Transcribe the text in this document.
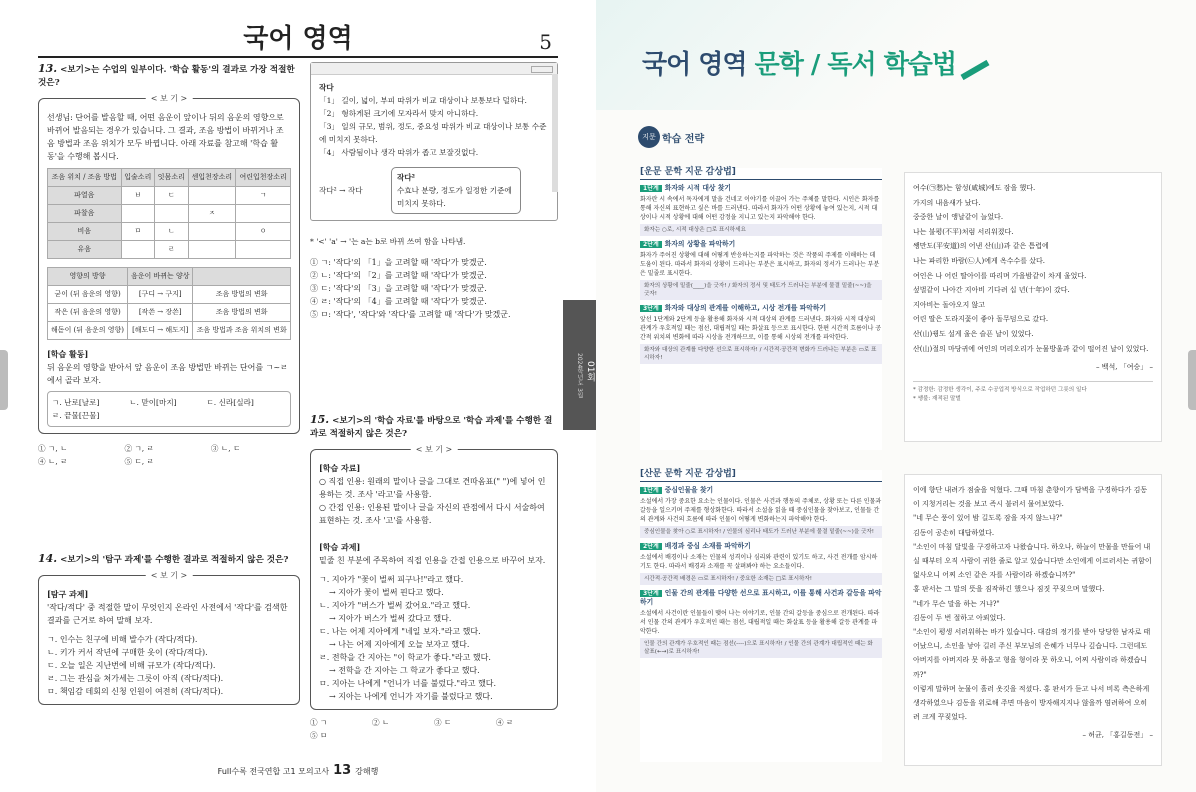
국어 영역	5
13. <보기>는 수업의 일부이다. '학습 활동'의 결과로 가장 적절한 것은?
< 보 기 >
선생님: 단어를 발음할 때, 어떤 음운이 앞이나 뒤의 음운의 영향으로 바뀌어 발음되는 경우가 있습니다. 그 결과, 조음 방법이 바뀌거나 조음 방법과 조음 위치가 모두 바뀝니다. 아래 자료를 참고해 '학습 활동'을 수행해 봅시다.
조음 위치 / 조음 방법	입술소리	잇몸소리	센입천장소리	여린입천장소리
파열음	ㅂ	ㄷ		ㄱ
파찰음			ㅈ	
비음	ㅁ	ㄴ		ㅇ
유음		ㄹ		
영향의 방향	음운이 바뀌는 양상	
굳이 (뒤 음운의 영향)	[구디 → 구지]	조음 방법의 변화
작은 (뒤 음운의 영향)	[작쓴 → 장쓴]	조음 방법의 변화
해돋이 (뒤 음운의 영향)	[해도디 → 해도지]	조음 방법과 조음 위치의 변화
[학습 활동]
뒤 음운의 영향을 받아서 앞 음운이 조음 방법만 바뀌는 단어를 ㄱ~ㄹ에서 골라 보자.
ㄱ. 난로[날로]	ㄴ. 맏이[마지]	ㄷ. 신라[실라]
ㄹ. 끝물[끈물]
① ㄱ, ㄴ	② ㄱ, ㄹ	③ ㄴ, ㄷ
④ ㄴ, ㄹ	⑤ ㄷ, ㄹ
14. <보기>의 '탐구 과제'를 수행한 결과로 적절하지 않은 것은?
< 보 기 >
[탐구 과제]
'작다/적다' 중 적절한 말이 무엇인지 온라인 사전에서 '작다'를 검색한 결과를 근거로 하여 말해 보자.
ㄱ. 인수는 친구에 비해 발수가 (작다/적다).
ㄴ. 키가 커서 작년에 구매한 옷이 (작다/적다).
ㄷ. 오늘 일은 지난번에 비해 규모가 (작다/적다).
ㄹ. 그는 관심을 쳐가세는 그릇이 아직 (작다/적다).
ㅁ. 책임감 데회의 신청 인원이 여전히 (작다/적다).
작다
「1」 길이, 넓이, 부피 따위가 비교 대상이나 보통보다 덜하다.
「2」 형하게된 크기에 모자라서 맞지 아니하다.
「3」 일의 규모, 범위, 정도, 중요성 따위가 비교 대상이나 보통 수준에 미치지 못하다.
「4」 사람됨이나 생각 따위가 좁고 보잘것없다.
작다² → 작다
작다²
수효나 분량, 정도가 일정한 기준에 미치지 못하다.
* '<' 'a' → '는 a는 b로 바뀌 쓰여 함을 나타냄.
① ㄱ: '작다'의 「1」을 고려할 때 '작다'가 맞겠군.
② ㄴ: '작다'의 「2」를 고려할 때 '작다'가 맞겠군.
③ ㄷ: '작다'의 「3」을 고려할 때 '작다'가 맞겠군.
④ ㄹ: '작다'의 「4」를 고려할 때 '작다'가 맞겠군.
⑤ ㅁ: '작다', '작다'와 '작다'를 고려할 때 '작다'가 맞겠군.
15. <보기>의 '학습 자료'를 바탕으로 '학습 과제'를 수행한 결과로 적절하지 않은 것은?
< 보 기 >
[학습 자료]
○ 직접 인용: 원래의 말이나 글을 그대로 견따옴표(" ")에 넣어 인용하는 것. 조사 '라고'를 사용함.
○ 간접 인용: 인용된 말이나 글을 자신의 관점에서 다시 서술하여 표현하는 것. 조사 '고'를 사용함.
[학습 과제]
밑줄 친 부분에 주목하여 직접 인용을 간접 인용으로 바꾸어 보자.
ㄱ. 지아가 "꽃이 벌써 피구나!"라고 했다.
→ 지아가 꽃이 벌써 핀다고 했다.
ㄴ. 지아가 "버스가 벌써 갔어요."라고 했다.
→ 지아가 버스가 벌써 갔다고 했다.
ㄷ. 나는 어제 지아에게 "네일 보자."라고 했다.
→ 나는 어제 지아에게 오늘 보자고 했다.
ㄹ. 전학을 간 지아는 "이 학교가 좋다."라고 했다.
→ 전학을 간 지아는 그 학교가 좋다고 했다.
ㅁ. 지아는 나에게 "언니가 너를 불렀다."라고 했다.
→ 지아는 나에게 언니가 자기를 불렀다고 했다.
① ㄱ	② ㄴ	③ ㄷ	④ ㄹ
⑤ ㅁ
Full수록 전국연합 고1 모의고사 13 강해행
01회
2024학년도 3월
국어 영역 문학 / 독서 학습법
지문 학습 전략
[운문 문학 지문 감상법]
1단계 화자와 시적 대상 찾기
화자란 시 속에서 독자에게 말을 건네고 이야기를 이끌어 가는 주체를 말한다. 시인은 화자를 통해 자신의 표현하고 싶은 바를 드러낸다. 따라서 화자가 어떤 상황에 놓여 있는지, 시적 대상이나 시적 상황에 대해 어떤 감정을 지니고 있는지 파악해야 한다.
화자는 ○로, 시적 대상은 □로 표시하세요
2단계 화자의 상황을 파악하기
화자가 주어진 상황에 대해 어떻게 반응하는지를 파악하는 것은 작품의 주제를 이해하는 데 도움이 된다. 따라서 화자의 상황이 드러나는 부분은 표시하고, 화자의 정서가 드러나는 부분은 밑줄로 표시한다.
화자의 상황에 밑줄(____)을 긋자! / 화자의 정서 및 태도가 드러나는 부분에 물결 밑줄(~~)을 긋자!
3단계 화자와 대상의 관계를 이해하고, 시상 전개를 파악하기
앞선 1단계와 2단계 등을 활용해 화자와 시적 대상의 관계를 드러낸다. 화자와 시적 대상의 관계가 우호적일 때는 점선, 대립적일 때는 화살표 등으로 표시한다. 한편 시간적 흐름이나 공간적 위치의 변화에 따라 시상을 전개하므로, 이를 통해 시상의 전개를 파악한다.
화자와 대상의 관계를 다양한 선으로 표시하자! / 시간적·공간적 변화가 드러나는 부분은 ▭로 표시하자!
[산문 문학 지문 감상법]
1단계 중심인물을 찾기
소설에서 가장 중요한 요소는 인물이다. 인물은 사건과 행동의 주체로, 상황 또는 다른 인물과 갈등을 일으키며 주제를 형상화한다. 따라서 소설을 읽을 때 중심인물을 찾아보고, 인물들 간의 관계와 사건의 흐름에 따라 인물이 어떻게 변화하는지 파악해야 한다.
중심인물을 찾아 ○로 표시하자! / 인물의 심리나 태도가 드러난 부분에 물결 밑줄(~~)을 긋자!
2단계 배경과 중심 소재를 파악하기
소설에서 배경이나 소재는 인물의 성격이나 심리와 관련이 있기도 하고, 사건 전개를 암시하기도 한다. 따라서 배경과 소재를 꼭 살펴봐야 하는 요소들이다.
시간적·공간적 배경은 ▭로 표시하자! / 중요한 소재는 □로 표시하자!
3단계 인물 간의 관계를 다양한 선으로 표시하고, 이를 통해 사건과 갈등을 파악하기
소설에서 사건이란 인물들이 맺어 나는 이야기로, 인물 간의 갈등을 중심으로 전개된다. 따라서 인물 간의 관계가 우호적인 때는 점선, 대립적일 때는 화살표 등을 활용해 갈등 관계를 파악한다.
인물 간의 관계가 우호적인 때는 점선(----)으로 표시하자! / 인물 간의 관계가 대립적인 때는 화살표(←→)로 표시하자!
여수(㉠愁)는 함성(咸城)에도 잠을 했다.
가지의 내음새가 났다.
중중한 날이 앵날같이 늘었다.
나는 불평(不平)처럼 서리워졌다.
쌩만도(平安道)의 어낸 산(山)과 같은 틈렵에
나는 파리한 바람(㉡人)에게 옥수수를 샀다.
여인은 나 어린 딸아이를 따리며 가을밤같이 차게 울었다.
섶벌같이 나아간 지아비 기다려 십 년(十年)이 갔다.
지아비는 돌아오지 않고
어린 딸은 도라지꽃이 좋아 돌무덤으로 갔다.
산(山)꿩도 설게 울은 슬픈 날이 있었다.
산(山)절의 마당귀에 여인의 머리오리가 눈물방울과 같이 떨어진 날이 있었다.
– 백석, 「여승」 –
* 감정한: 감정한 생각이, 주로 수공업적 방식으로 작업하던 그릇의 일다
* 쌩불: 재적된 말벌
이에 향단 내려가 점술을 익혔다. 그때 마침 춘향이가 담벽을 구경하다가 김동이 지청거리는 것을 보고 즉시 불러서 물어보았다.
"네 무슨 풍이 있어 밤 길도록 잠을 자지 않느냐?"
김동이 공손히 대답하였다.
"소인이 마침 달빛을 구경하고자 나왔습니다. 하오나, 하늘이 만물을 만들어 내실 때부터 오직 사람이 귀한 줄로 알고 있습니다만 소인에게 이르러서는 귀함이 없사오니 어찌 소인 같은 자를 사람이라 하겠습니까?"
홍 판서는 그 말의 뜻을 짐작하긴 했으나 짐짓 꾸짖으며 말했다.
"네가 무슨 말을 하는 거냐?"
김동이 두 번 절하고 아뢰었다.
"소인이 평생 서러워하는 바가 있습니다. 대감의 정기를 받아 당당한 남자로 태어났으니, 소인을 낳아 길러 주신 부모님의 은혜가 너무나 깊습니다. 그런데도 아버지를 아버지라 못 하옵고 형을 형이라 못 하오니, 어찌 사람이라 하겠습니까?"
이렇게 말하며 눈물이 흘러 옷깃을 적셨다. 홍 판서가 듣고 나서 비록 측은하게 생각하였으나 김동을 위로해 주면 마음이 방자해지지나 않을까 염려하여 오히려 크게 꾸짖었다.
– 허균, 「홍길동전」 –
